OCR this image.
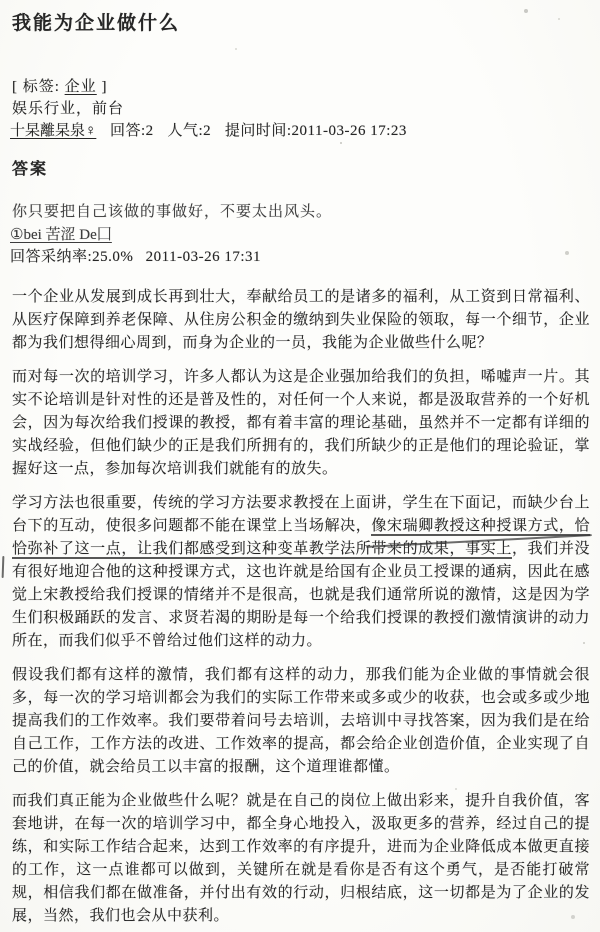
我能为企业做什么
[ 标签: 企业 ]
娱乐行业，前台
十杲離杲泉♀ 回答:2 人气:2 提问时间:2011-03-26 17:23
答案

你只要把自己该做的事做好，不要太出风头。

①bei 苦涩 De囗
回答采纳率:25.0% 2011-03-26 17:31

一个企业从发展到成长再到壮大，奉献给员工的是诸多的福利，从工资到日常福利、从医疗保障到养老保障、从住房公积金的缴纳到失业保险的领取，每一个细节，企业都为我们想得细心周到，而身为企业的一员，我能为企业做些什么呢？

而对每一次的培训学习，许多人都认为这是企业强加给我们的负担，唏嘘声一片。其实不论培训是针对性的还是普及性的，对任何一个人来说，都是汲取营养的一个好机会，因为每次给我们授课的教授，都有着丰富的理论基础，虽然并不一定都有详细的实战经验，但他们缺少的正是我们所拥有的，我们所缺少的正是他们的理论验证，掌握好这一点，参加每次培训我们就能有的放失。

学习方法也很重要，传统的学习方法要求教授在上面讲，学生在下面记，而缺少台上台下的互动，使很多问题都不能在课堂上当场解决，像宋瑞卿教授这种授课方式，恰恰弥补了这一点，让我们都感受到这种变革教学法所带来的成果，事实上，我们并没有很好地迎合他的这种授课方式，这也许就是给国有企业员工授课的通病，因此在感觉上宋教授给我们授课的情绪并不是很高，也就是我们通常所说的激情，这是因为学生们积极踊跃的发言、求贤若渴的期盼是每一个给我们授课的教授们激情演讲的动力所在，而我们似乎不曾给过他们这样的动力。

假设我们都有这样的激情，我们都有这样的动力，那我们能为企业做的事情就会很多，每一次的学习培训都会为我们的实际工作带来或多或少的收获，也会或多或少地提高我们的工作效率。我们要带着问号去培训，去培训中寻找答案，因为我们是在给自己工作，工作方法的改进、工作效率的提高，都会给企业创造价值，企业实现了自己的价值，就会给员工以丰富的报酬，这个道理谁都懂。

而我们真正能为企业做些什么呢？就是在自己的岗位上做出彩来，提升自我价值，客套地讲，在每一次的培训学习中，都全身心地投入，汲取更多的营养，经过自己的提练，和实际工作结合起来，达到工作效率的有序提升，进而为企业降低成本做更直接的工作，这一点谁都可以做到，关键所在就是看你是否有这个勇气，是否能打破常规，相信我们都在做准备，并付出有效的行动，归根结底，这一切都是为了企业的发展，当然，我们也会从中获利。
